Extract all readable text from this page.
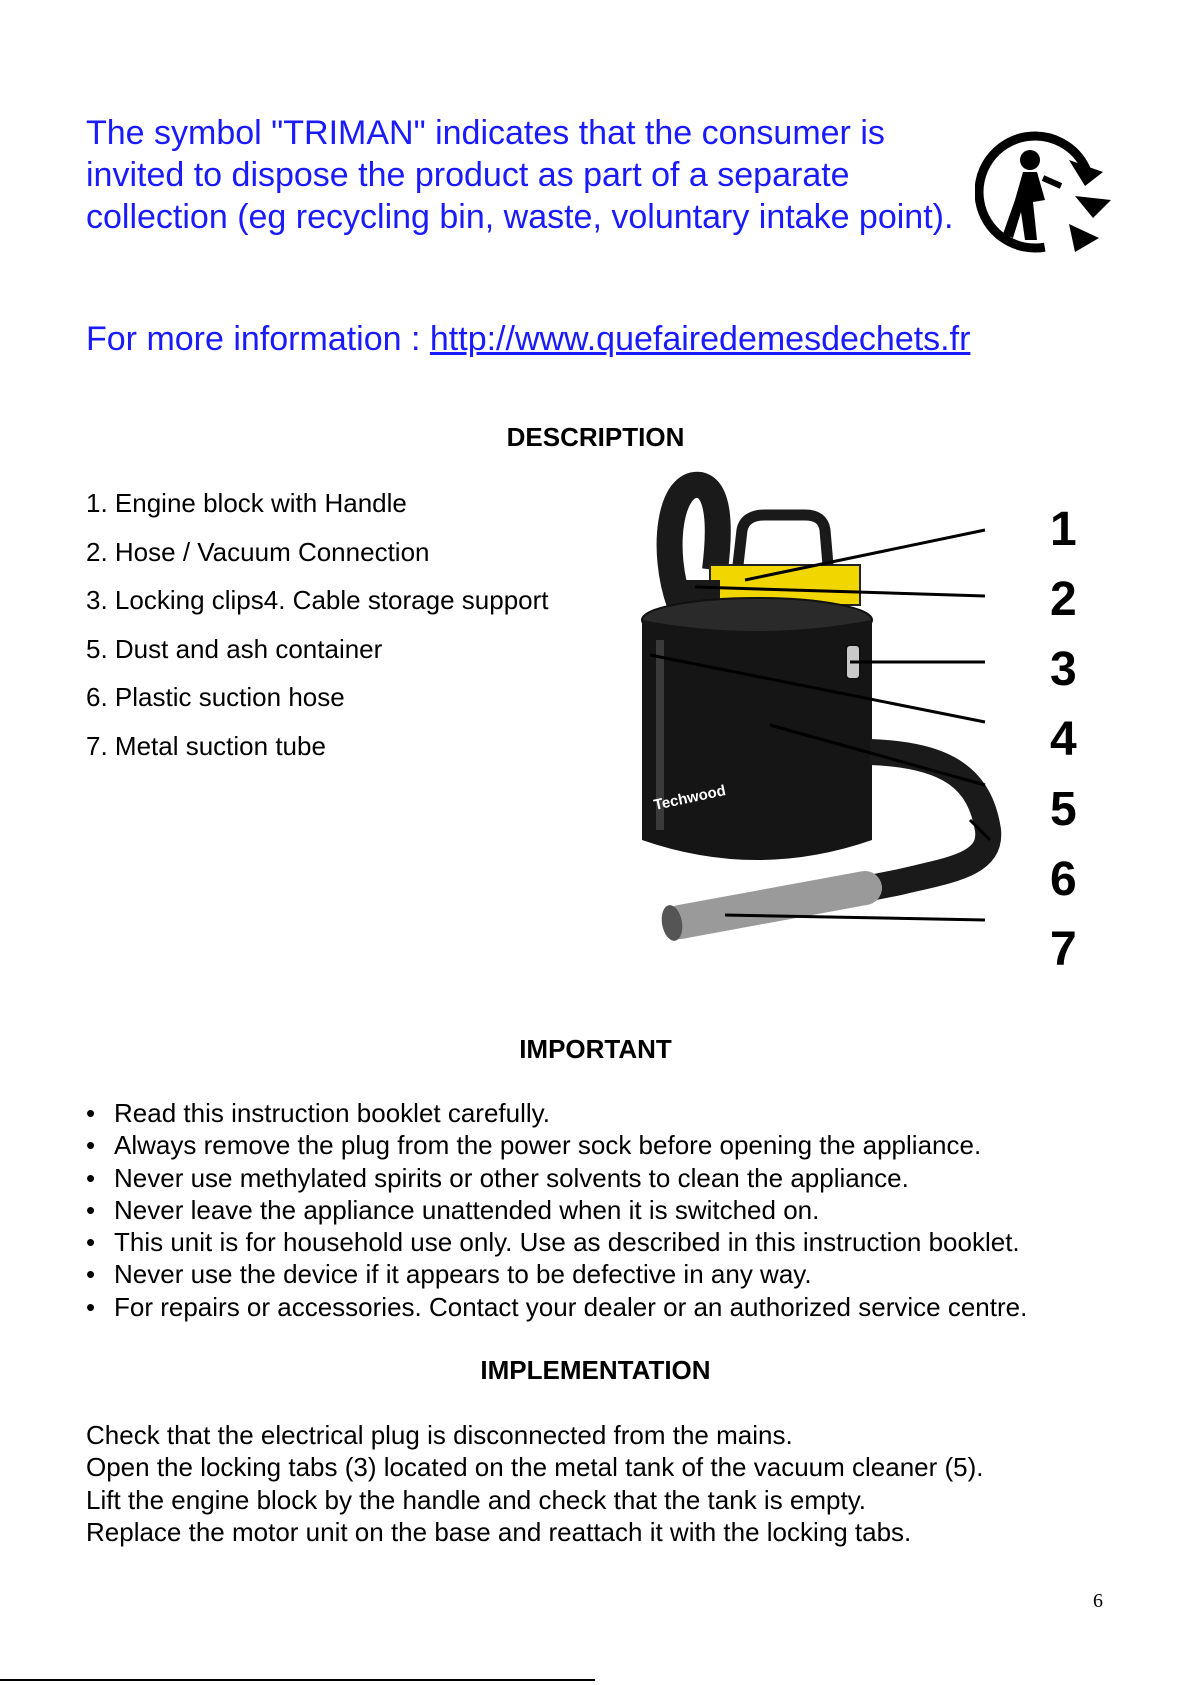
The symbol "TRIMAN" indicates that the consumer is invited to dispose the product as part of a separate collection (eg recycling bin, waste, voluntary intake point).

For more information : http://www.quefairedemesdechets.fr
DESCRIPTION
1. Engine block with Handle
2. Hose / Vacuum Connection
3. Locking clips4. Cable storage support
5. Dust and ash container
6. Plastic suction hose
7. Metal suction tube
Techwood
1
2
3
4
5
6
7
IMPORTANT
• Read this instruction booklet carefully.
• Always remove the plug from the power sock before opening the appliance.
• Never use methylated spirits or other solvents to clean the appliance.
• Never leave the appliance unattended when it is switched on.
• This unit is for household use only. Use as described in this instruction booklet.
• Never use the device if it appears to be defective in any way.
• For repairs or accessories. Contact your dealer or an authorized service centre.
IMPLEMENTATION

Check that the electrical plug is disconnected from the mains.

Open the locking tabs (3) located on the metal tank of the vacuum cleaner (5).

Lift the engine block by the handle and check that the tank is empty.

Replace the motor unit on the base and reattach it with the locking tabs.

6
